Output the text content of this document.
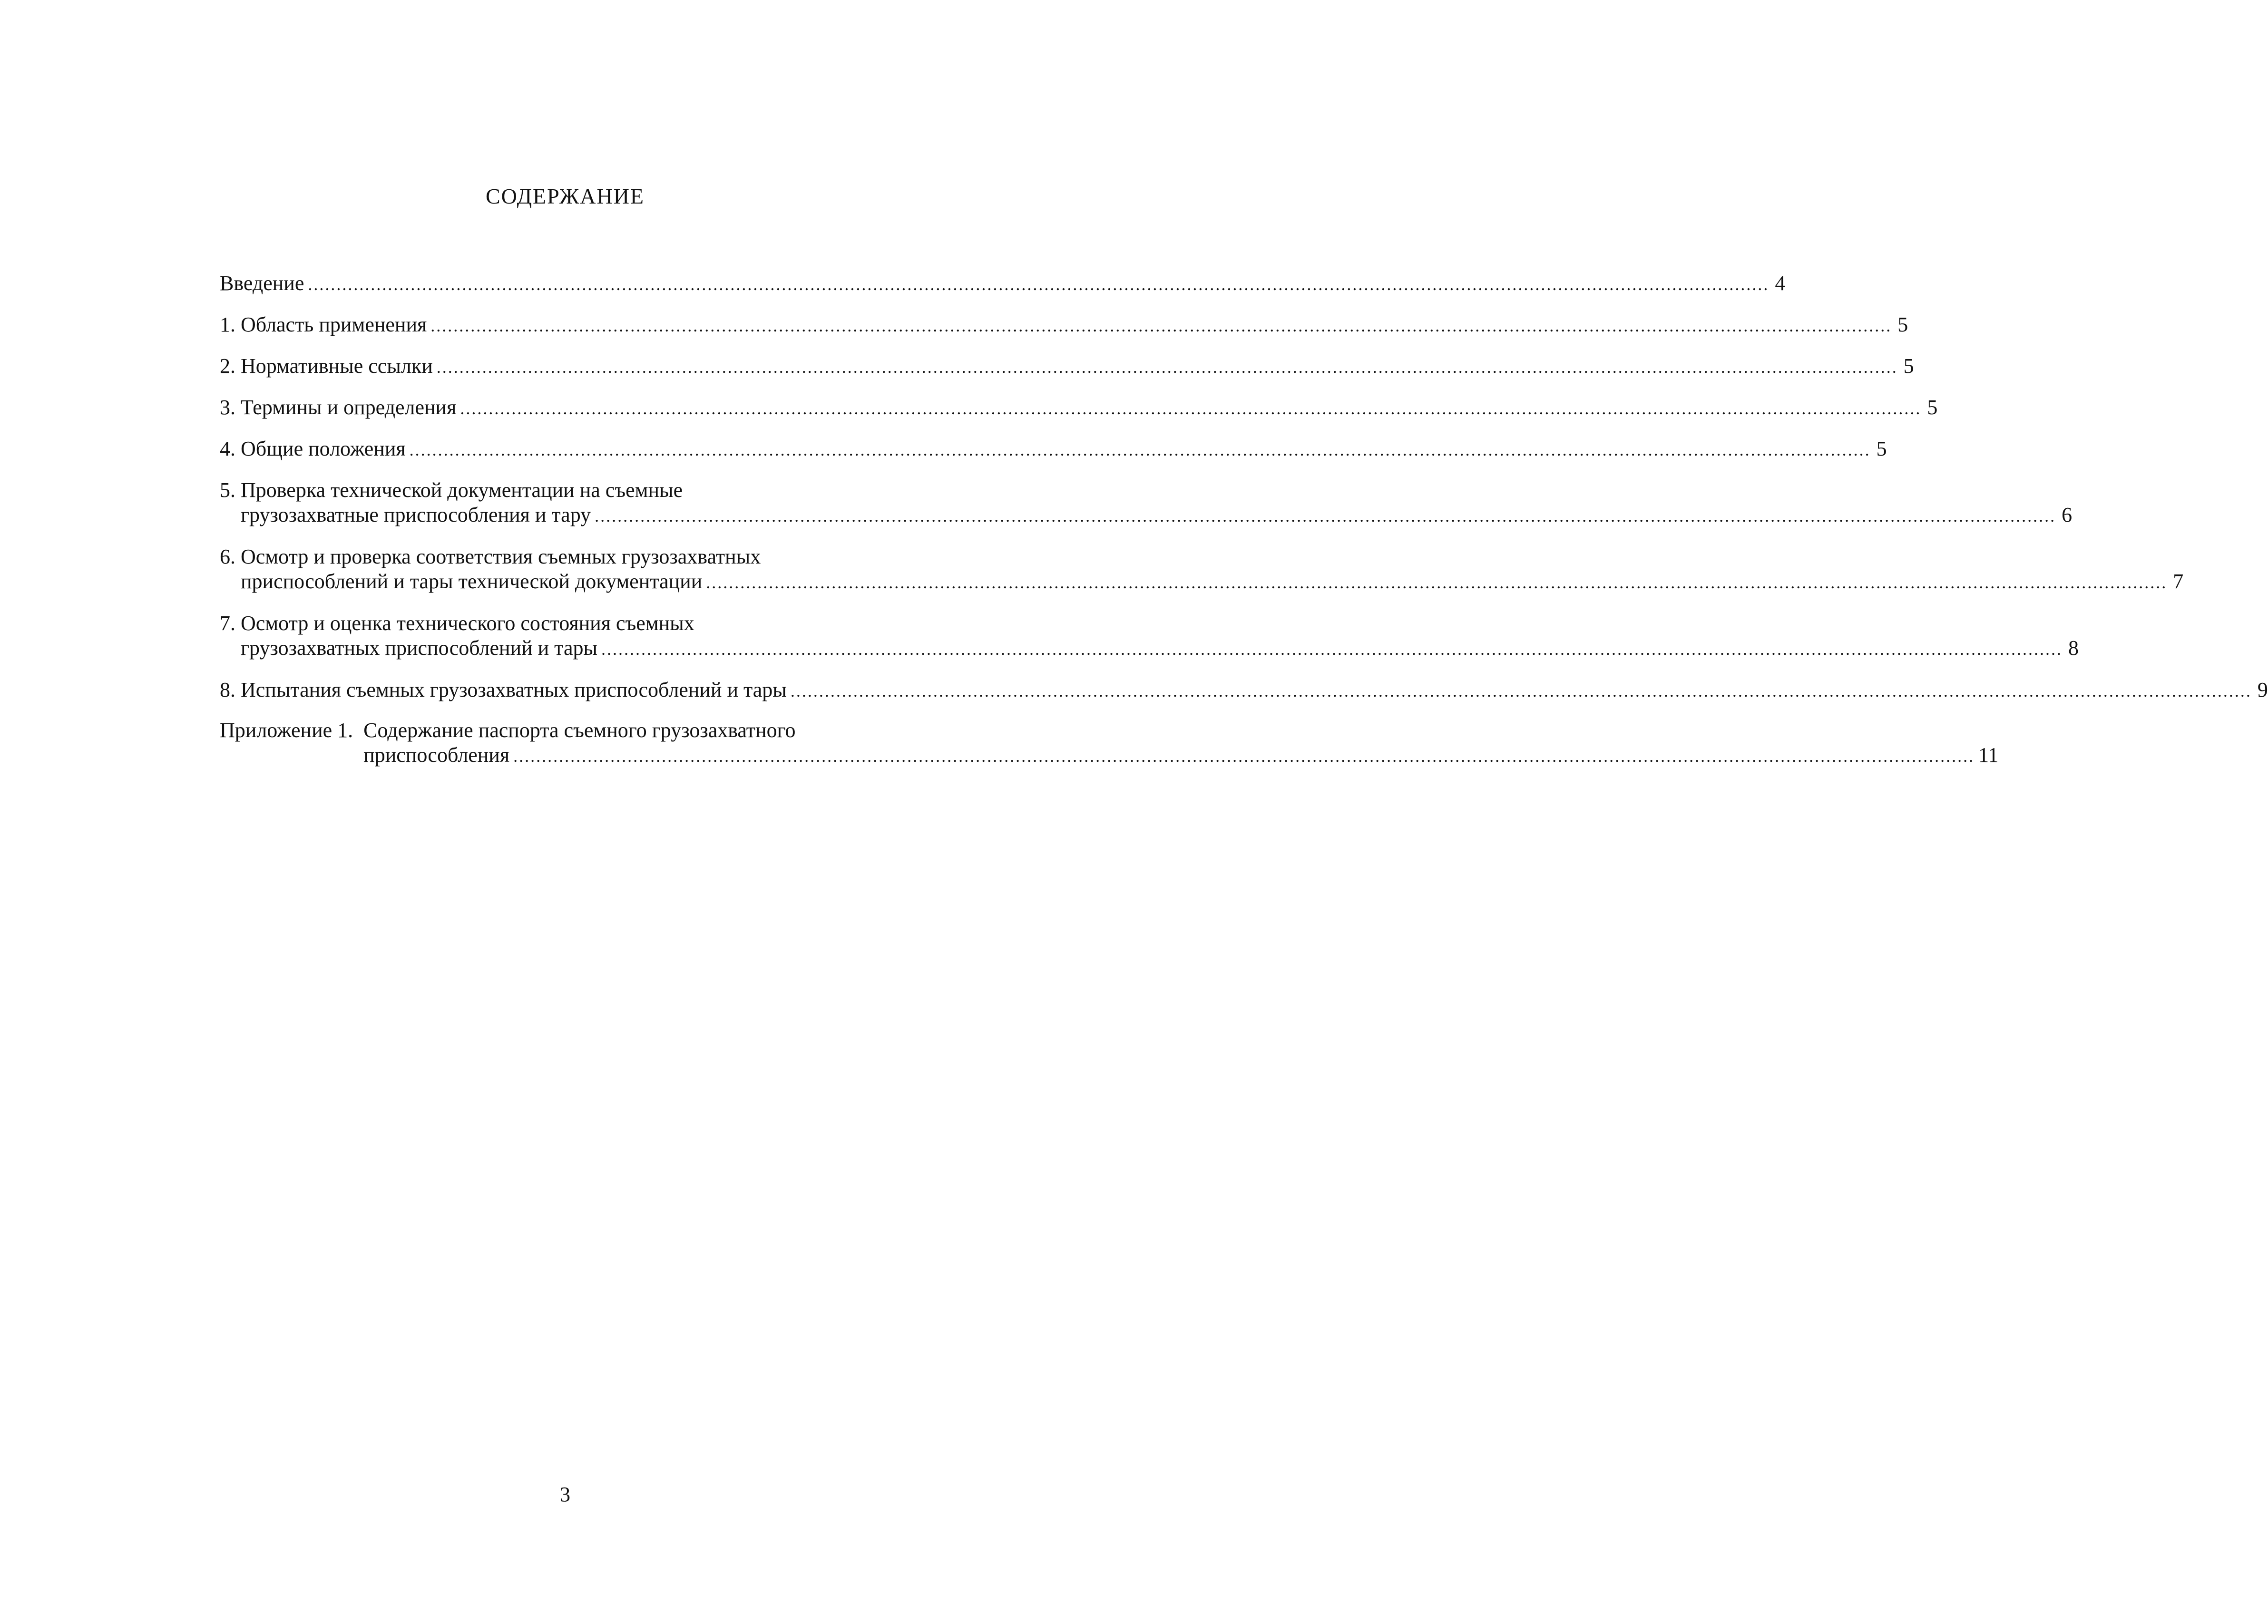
СОДЕРЖАНИЕ
Введение .....	4
1. Область применения .....	5
2. Нормативные ссылки .....	5
3. Термины и определения .....	5
4. Общие положения .....	5
5. Проверка технической документации на съемные
грузозахватные приспособления и тару .....	6
6. Осмотр и проверка соответствия съемных грузозахватных
приспособлений и тары технической документации .....	7
7. Осмотр и оценка технического состояния съемных
грузозахватных приспособлений и тары .....	8
8. Испытания съемных грузозахватных приспособлений и тары .....	9
Приложение 1. Содержание паспорта съемного грузозахватного
приспособления .....	11
3
